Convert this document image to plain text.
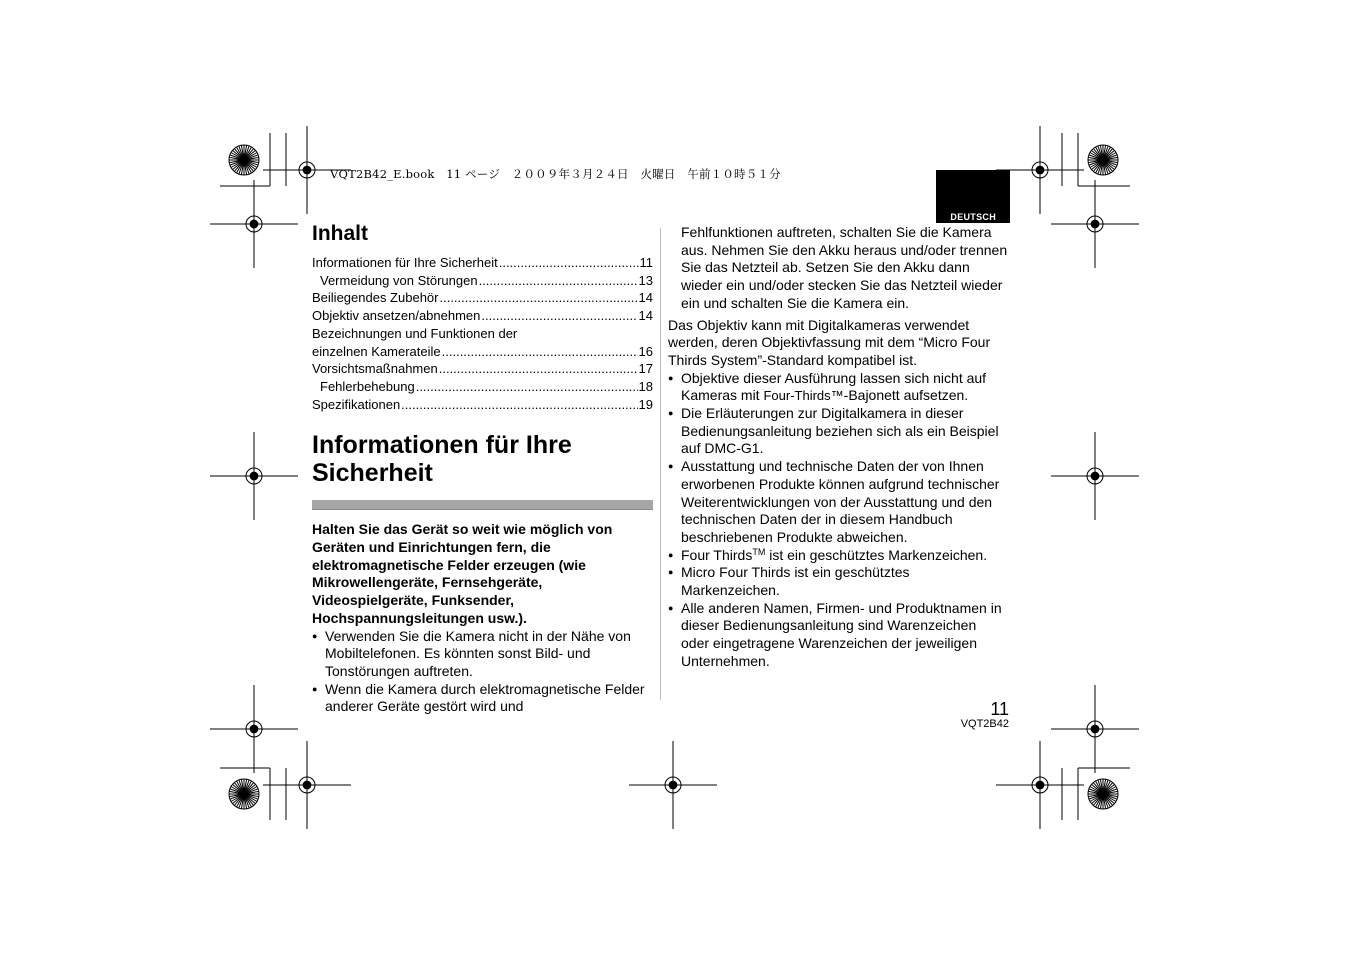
VQT2B42_E.book　11 ページ　２００９年３月２４日　火曜日　午前１０時５１分
DEUTSCH
Inhalt
Informationen für Ihre Sicherheit .....	11
Vermeidung von Störungen .....	13
Beiliegendes Zubehör .....	14
Objektiv ansetzen/abnehmen .....	14
Bezeichnungen und Funktionen der
einzelnen Kamerateile .....	16
Vorsichtsmaßnahmen .....	17
Fehlerbehebung .....	18
Spezifikationen .....	19
Informationen für Ihre
Sicherheit
Halten Sie das Gerät so weit wie möglich von Geräten und Einrichtungen fern, die elektromagnetische Felder erzeugen (wie Mikrowellengeräte, Fernsehgeräte, Videospielgeräte, Funksender, Hochspannungsleitungen usw.).
● Verwenden Sie die Kamera nicht in der Nähe von Mobiltelefonen. Es könnten sonst Bild- und Tonstörungen auftreten.
● Wenn die Kamera durch elektromagnetische Felder anderer Geräte gestört wird und
Fehlfunktionen auftreten, schalten Sie die Kamera aus. Nehmen Sie den Akku heraus und/oder trennen Sie das Netzteil ab. Setzen Sie den Akku dann wieder ein und/oder stecken Sie das Netzteil wieder ein und schalten Sie die Kamera ein.
Das Objektiv kann mit Digitalkameras verwendet werden, deren Objektivfassung mit dem “Micro Four Thirds System”-Standard kompatibel ist.
● Objektive dieser Ausführung lassen sich nicht auf Kameras mit Four-Thirds™-Bajonett aufsetzen.
● Die Erläuterungen zur Digitalkamera in dieser Bedienungsanleitung beziehen sich als ein Beispiel auf DMC-G1.
● Ausstattung und technische Daten der von Ihnen erworbenen Produkte können aufgrund technischer Weiterentwicklungen von der Ausstattung und den technischen Daten der in diesem Handbuch beschriebenen Produkte abweichen.
● Four Thirds™ ist ein geschütztes Markenzeichen.
● Micro Four Thirds ist ein geschütztes Markenzeichen.
● Alle anderen Namen, Firmen- und Produktnamen in dieser Bedienungsanleitung sind Warenzeichen oder eingetragene Warenzeichen der jeweiligen Unternehmen.
11
VQT2B42
